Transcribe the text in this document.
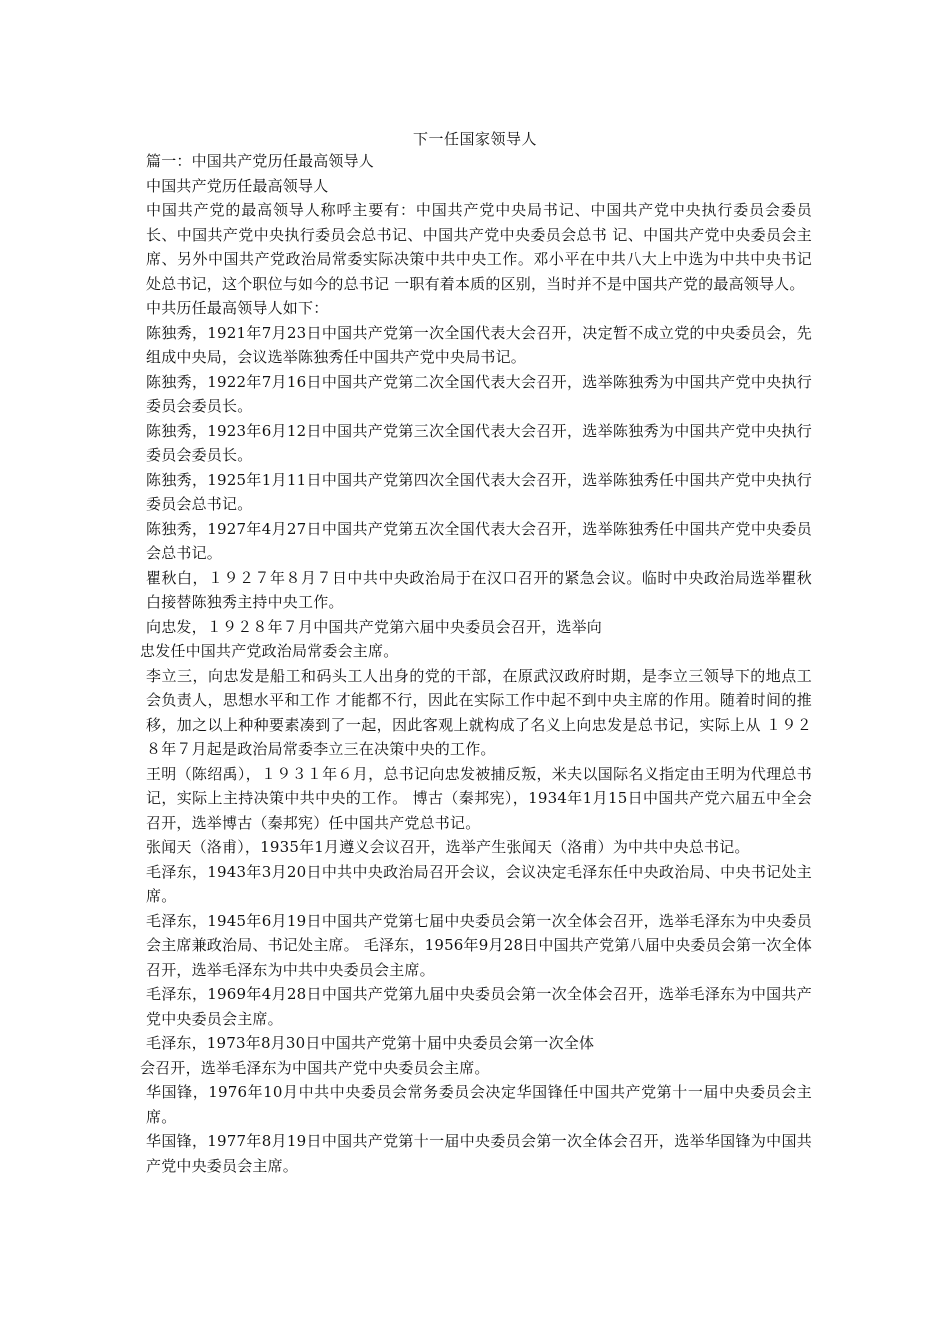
下一任国家领导人

篇一：中国共产党历任最高领导人

中国共产党历任最高领导人

中国共产党的最高领导人称呼主要有：中国共产党中央局书记、中国共产党中央执行委员会委员长、中国共产党中央执行委员会总书记、中国共产党中央委员会总书 记、中国共产党中央委员会主席、另外中国共产党政治局常委实际决策中共中央工作。邓小平在中共八大上中选为中共中央书记处总书记，这个职位与如今的总书记 一职有着本质的区别，当时并不是中国共产党的最高领导人。

中共历任最高领导人如下：

陈独秀，1921年7月23日中国共产党第一次全国代表大会召开，决定暂不成立党的中央委员会，先组成中央局，会议选举陈独秀任中国共产党中央局书记。

陈独秀，1922年7月16日中国共产党第二次全国代表大会召开，选举陈独秀为中国共产党中央执行委员会委员长。

陈独秀，1923年6月12日中国共产党第三次全国代表大会召开，选举陈独秀为中国共产党中央执行委员会委员长。

陈独秀，1925年1月11日中国共产党第四次全国代表大会召开，选举陈独秀任中国共产党中央执行委员会总书记。

陈独秀，1927年4月27日中国共产党第五次全国代表大会召开，选举陈独秀任中国共产党中央委员会总书记。

瞿秋白，１９２７年８月７日中共中央政治局于在汉口召开的紧急会议。临时中央政治局选举瞿秋白接替陈独秀主持中央工作。

向忠发，１９２８年７月中国共产党第六届中央委员会召开，选举向

忠发任中国共产党政治局常委会主席。

李立三，向忠发是船工和码头工人出身的党的干部，在原武汉政府时期，是李立三领导下的地点工会负责人，思想水平和工作 才能都不行，因此在实际工作中起不到中央主席的作用。随着时间的推移，加之以上种种要素凑到了一起，因此客观上就构成了名义上向忠发是总书记，实际上从 １９２８年７月起是政治局常委李立三在决策中央的工作。

王明（陈绍禹），１９３１年６月，总书记向忠发被捕反叛，米夫以国际名义指定由王明为代理总书记，实际上主持决策中共中央的工作。 博古（秦邦宪），1934年1月15日中国共产党六届五中全会召开，选举博古（秦邦宪）任中国共产党总书记。

张闻天（洛甫），1935年1月遵义会议召开，选举产生张闻天（洛甫）为中共中央总书记。

毛泽东，1943年3月20日中共中央政治局召开会议，会议决定毛泽东任中央政治局、中央书记处主席。

毛泽东，1945年6月19日中国共产党第七届中央委员会第一次全体会召开，选举毛泽东为中央委员会主席兼政治局、书记处主席。 毛泽东，1956年9月28日中国共产党第八届中央委员会第一次全体召开，选举毛泽东为中共中央委员会主席。

毛泽东，1969年4月28日中国共产党第九届中央委员会第一次全体会召开，选举毛泽东为中国共产党中央委员会主席。

毛泽东，1973年8月30日中国共产党第十届中央委员会第一次全体

会召开，选举毛泽东为中国共产党中央委员会主席。

华国锋，1976年10月中共中央委员会常务委员会决定华国锋任中国共产党第十一届中央委员会主席。

华国锋，1977年8月19日中国共产党第十一届中央委员会第一次全体会召开，选举华国锋为中国共产党中央委员会主席。
